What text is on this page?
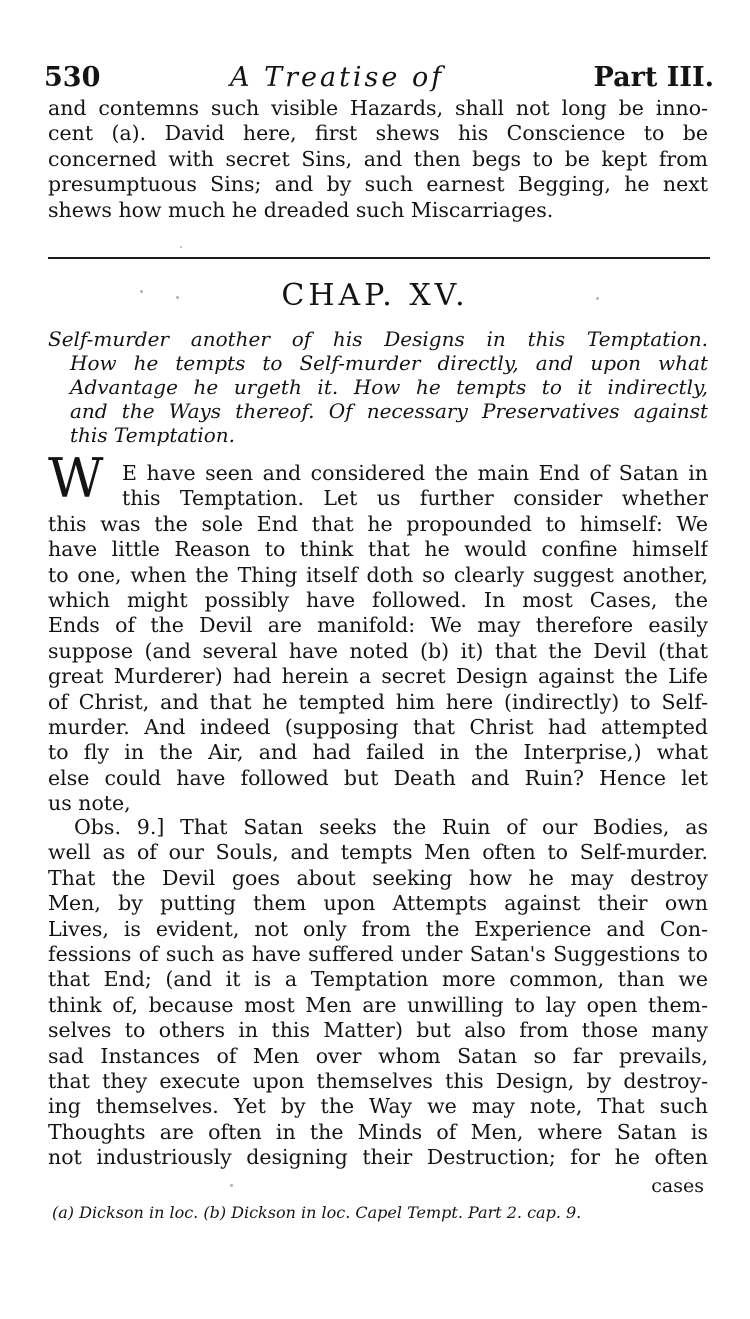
530	A Treatise of	Part III.
and contemns such visible Hazards, shall not long be inno-
cent (a). David here, first shews his Conscience to be
concerned with secret Sins, and then begs to be kept from
presumptuous Sins; and by such earnest Begging, he next
shews how much he dreaded such Miscarriages.
CHAP. XV.
Self-murder another of his Designs in this Temptation.
How he tempts to Self-murder directly, and upon what
Advantage he urgeth it. How he tempts to it indirectly,
and the Ways thereof. Of necessary Preservatives against
this Temptation.
W E have seen and considered the main End of Satan in
this Temptation. Let us further consider whether
this was the sole End that he propounded to himself: We
have little Reason to think that he would confine himself
to one, when the Thing itself doth so clearly suggest another,
which might possibly have followed. In most Cases, the
Ends of the Devil are manifold: We may therefore easily
suppose (and several have noted (b) it) that the Devil (that
great Murderer) had herein a secret Design against the Life
of Christ, and that he tempted him here (indirectly) to Self-
murder. And indeed (supposing that Christ had attempted
to fly in the Air, and had failed in the Interprise,) what
else could have followed but Death and Ruin? Hence let
us note,
Obs. 9.] That Satan seeks the Ruin of our Bodies, as
well as of our Souls, and tempts Men often to Self-murder.
That the Devil goes about seeking how he may destroy
Men, by putting them upon Attempts against their own
Lives, is evident, not only from the Experience and Con-
fessions of such as have suffered under Satan's Suggestions to
that End; (and it is a Temptation more common, than we
think of, because most Men are unwilling to lay open them-
selves to others in this Matter) but also from those many
sad Instances of Men over whom Satan so far prevails,
that they execute upon themselves this Design, by destroy-
ing themselves. Yet by the Way we may note, That such
Thoughts are often in the Minds of Men, where Satan is
not industriously designing their Destruction; for he often
cases
(a) Dickson in loc. (b) Dickson in loc. Capel Tempt. Part 2. cap. 9.
